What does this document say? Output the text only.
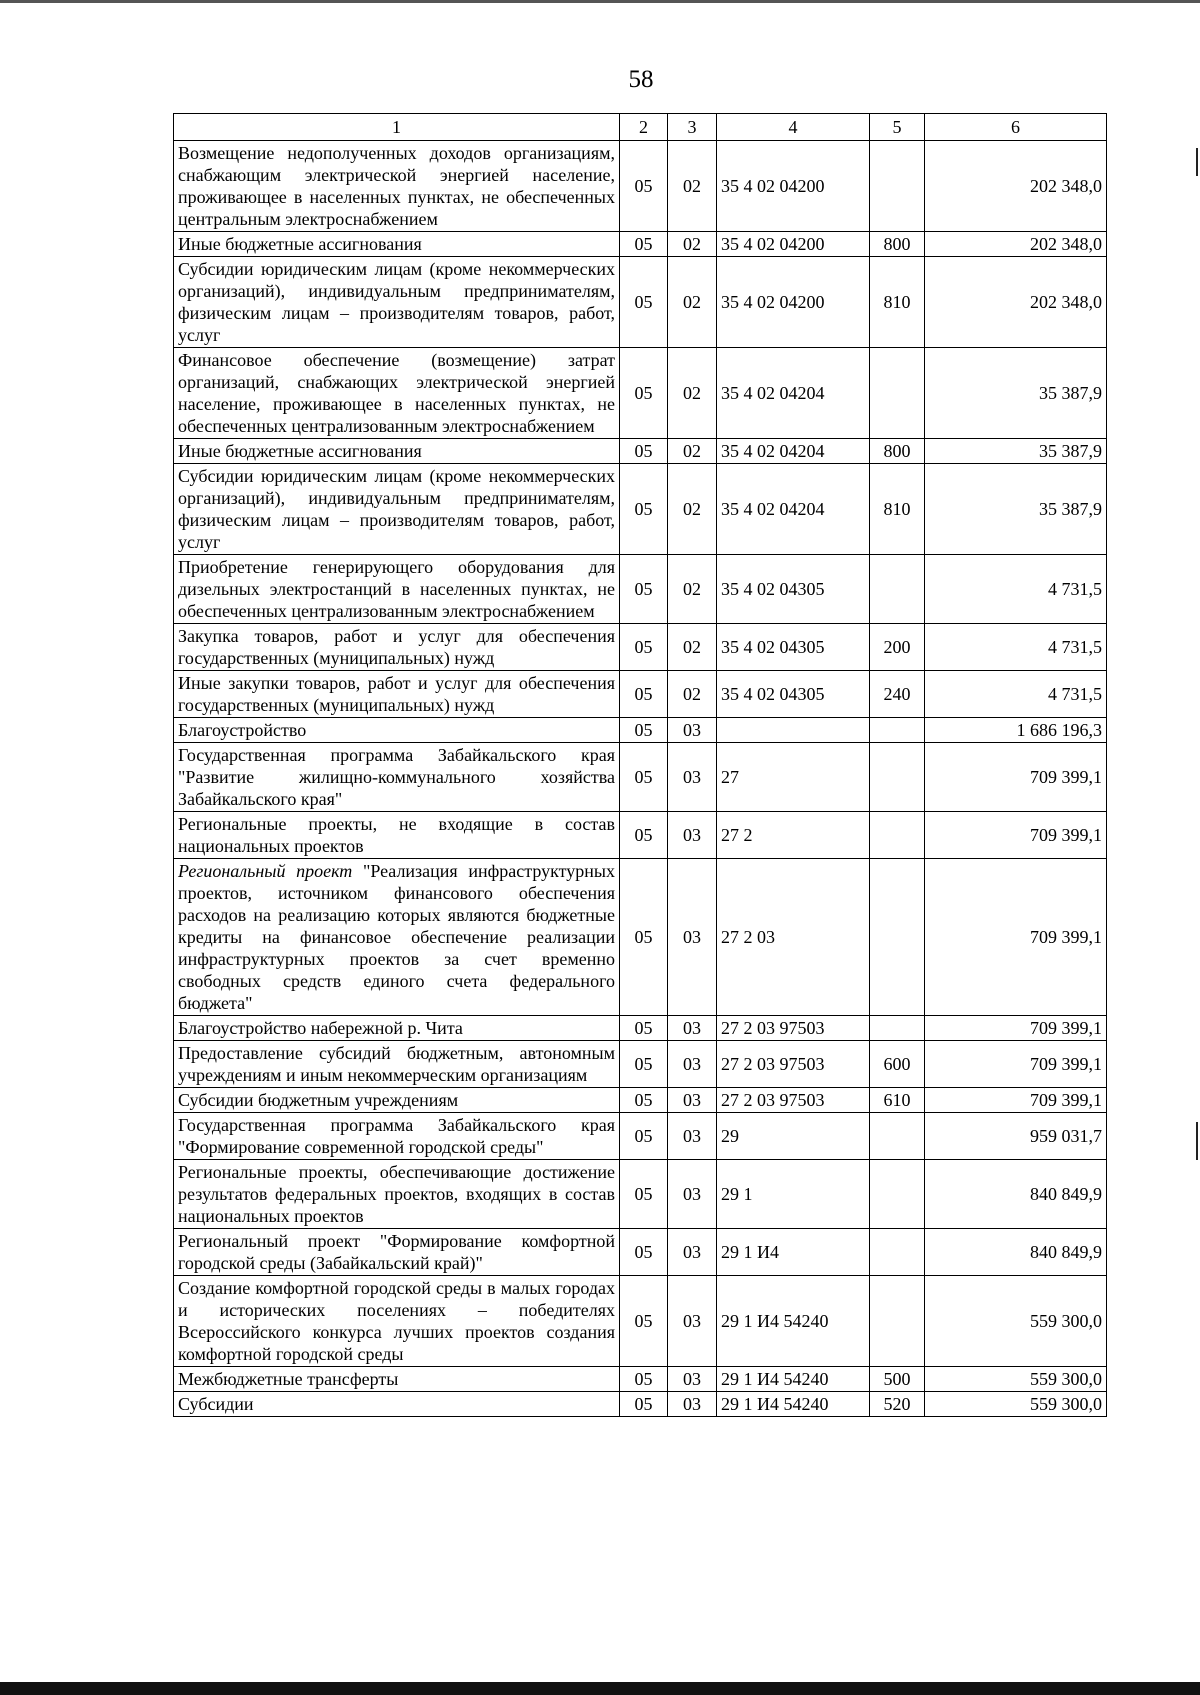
58
1	2	3	4	5	6
Возмещение недополученных доходов организациям, снабжающим электрической энергией население, проживающее в населенных пунктах, не обеспеченных центральным электроснабжением	05	02	35 4 02 04200		202 348,0
Иные бюджетные ассигнования	05	02	35 4 02 04200	800	202 348,0
Субсидии юридическим лицам (кроме некоммерческих организаций), индивидуальным предпринимателям, физическим лицам – производителям товаров, работ, услуг	05	02	35 4 02 04200	810	202 348,0
Финансовое обеспечение (возмещение) затрат организаций, снабжающих электрической энергией население, проживающее в населенных пунктах, не обеспеченных централизованным электроснабжением	05	02	35 4 02 04204		35 387,9
Иные бюджетные ассигнования	05	02	35 4 02 04204	800	35 387,9
Субсидии юридическим лицам (кроме некоммерческих организаций), индивидуальным предпринимателям, физическим лицам – производителям товаров, работ, услуг	05	02	35 4 02 04204	810	35 387,9
Приобретение генерирующего оборудования для дизельных электростанций в населенных пунктах, не обеспеченных централизованным электроснабжением	05	02	35 4 02 04305		4 731,5
Закупка товаров, работ и услуг для обеспечения государственных (муниципальных) нужд	05	02	35 4 02 04305	200	4 731,5
Иные закупки товаров, работ и услуг для обеспечения государственных (муниципальных) нужд	05	02	35 4 02 04305	240	4 731,5
Благоустройство	05	03			1 686 196,3
Государственная программа Забайкальского края "Развитие жилищно-коммунального хозяйства Забайкальского края"	05	03	27		709 399,1
Региональные проекты, не входящие в состав национальных проектов	05	03	27 2		709 399,1
Региональный проект "Реализация инфраструктурных проектов, источником финансового обеспечения расходов на реализацию которых являются бюджетные кредиты на финансовое обеспечение реализации инфраструктурных проектов за счет временно свободных средств единого счета федерального бюджета"	05	03	27 2 03		709 399,1
Благоустройство набережной р. Чита	05	03	27 2 03 97503		709 399,1
Предоставление субсидий бюджетным, автономным учреждениям и иным некоммерческим организациям	05	03	27 2 03 97503	600	709 399,1
Субсидии бюджетным учреждениям	05	03	27 2 03 97503	610	709 399,1
Государственная программа Забайкальского края "Формирование современной городской среды"	05	03	29		959 031,7
Региональные проекты, обеспечивающие достижение результатов федеральных проектов, входящих в состав национальных проектов	05	03	29 1		840 849,9
Региональный проект "Формирование комфортной городской среды (Забайкальский край)"	05	03	29 1 И4		840 849,9
Создание комфортной городской среды в малых городах и исторических поселениях – победителях Всероссийского конкурса лучших проектов создания комфортной городской среды	05	03	29 1 И4 54240		559 300,0
Межбюджетные трансферты	05	03	29 1 И4 54240	500	559 300,0
Субсидии	05	03	29 1 И4 54240	520	559 300,0
